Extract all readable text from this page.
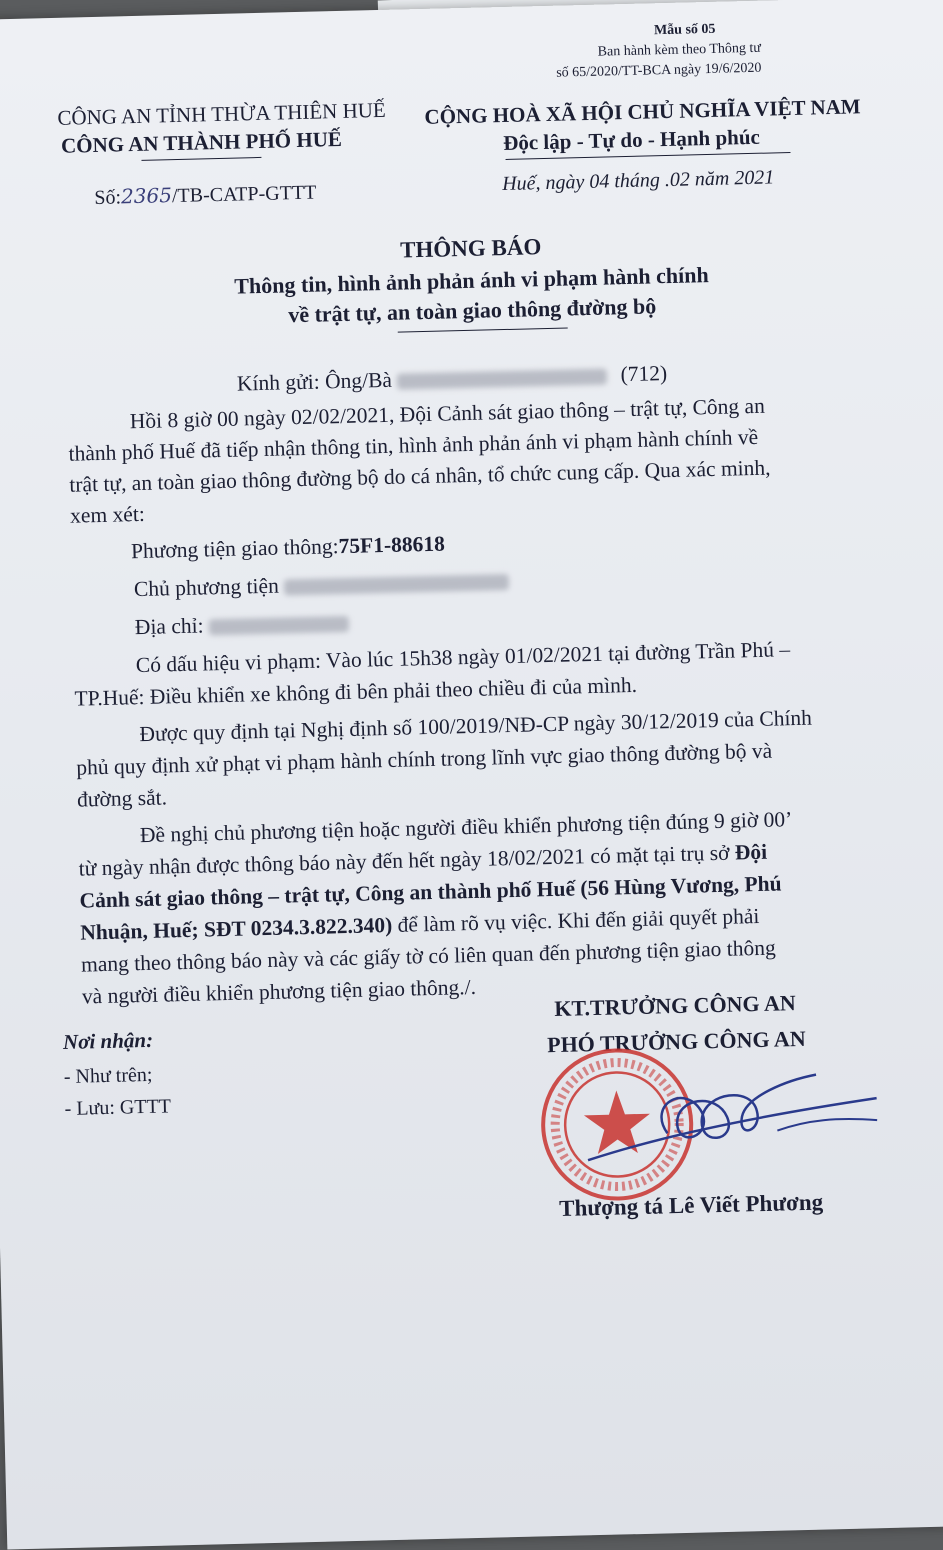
Mẫu số 05
Ban hành kèm theo Thông tư
số 65/2020/TT-BCA ngày 19/6/2020
CÔNG AN TỈNH THỪA THIÊN HUẾ
CÔNG AN THÀNH PHỐ HUẾ
CỘNG HOÀ XÃ HỘI CHỦ NGHĨA VIỆT NAM
Độc lập - Tự do - Hạnh phúc
Số:2365/TB-CATP-GTTT	Huế, ngày 04 tháng .02 năm 2021
THÔNG BÁO
Thông tin, hình ảnh phản ánh vi phạm hành chính
về trật tự, an toàn giao thông đường bộ
Kính gửi: Ông/Bà	(712)
Hồi 8 giờ 00 ngày 02/02/2021, Đội Cảnh sát giao thông – trật tự, Công an
thành phố Huế đã tiếp nhận thông tin, hình ảnh phản ánh vi phạm hành chính về
trật tự, an toàn giao thông đường bộ do cá nhân, tổ chức cung cấp. Qua xác minh,
xem xét:
Phương tiện giao thông:75F1-88618
Chủ phương tiện
Địa chỉ:
Có dấu hiệu vi phạm: Vào lúc 15h38 ngày 01/02/2021 tại đường Trần Phú –
TP.Huế: Điều khiển xe không đi bên phải theo chiều đi của mình.
Được quy định tại Nghị định số 100/2019/NĐ-CP ngày 30/12/2019 của Chính
phủ quy định xử phạt vi phạm hành chính trong lĩnh vực giao thông đường bộ và
đường sắt.
Đề nghị chủ phương tiện hoặc người điều khiển phương tiện đúng 9 giờ 00’
từ ngày nhận được thông báo này đến hết ngày 18/02/2021 có mặt tại trụ sở Đội
Cảnh sát giao thông – trật tự, Công an thành phố Huế (56 Hùng Vương, Phú
Nhuận, Huế; SĐT 0234.3.822.340) để làm rõ vụ việc. Khi đến giải quyết phải
mang theo thông báo này và các giấy tờ có liên quan đến phương tiện giao thông
và người điều khiển phương tiện giao thông./.
Nơi nhận:
- Như trên;
- Lưu: GTTT
KT.TRƯỞNG CÔNG AN
PHÓ TRƯỞNG CÔNG AN
Thượng tá Lê Viết Phương
